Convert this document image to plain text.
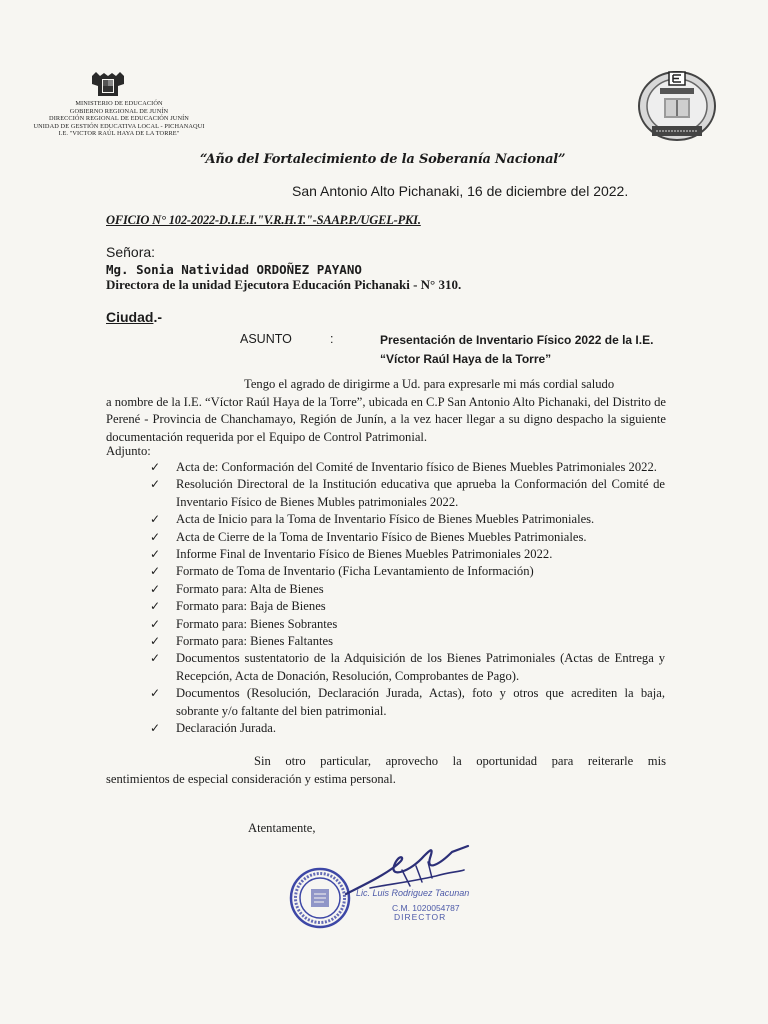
MINISTERIO DE EDUCACIÓN
GOBIERNO REGIONAL DE JUNÍN
DIRECCIÓN REGIONAL DE EDUCACIÓN JUNÍN
UNIDAD DE GESTIÓN EDUCATIVA LOCAL - PICHANAQUI
I.E. "VICTOR RAÚL HAYA DE LA TORRE"
“Año del Fortalecimiento de la Soberanía Nacional”
San Antonio Alto Pichanaki, 16 de diciembre del 2022.
OFICIO N° 102-2022-D.I.E.I."V.R.H.T."-SAAP.P./UGEL-PKI.
Señora:
Mg. Sonia Natividad ORDOÑEZ PAYANO
Directora de la unidad Ejecutora Educación Pichanaki - N° 310.
Ciudad.-
ASUNTO	:	Presentación de Inventario Físico 2022 de la I.E.
“Víctor Raúl Haya de la Torre”
Tengo el agrado de dirigirme a Ud. para expresarle mi más cordial saludo
a nombre de la I.E. “Víctor Raúl Haya de la Torre”, ubicada en C.P San Antonio Alto Pichanaki, del Distrito de Perené - Provincia de Chanchamayo, Región de Junín, a la vez hacer llegar a su digno despacho la siguiente documentación requerida por el Equipo de Control Patrimonial.
Adjunto:
✓ Acta de: Conformación del Comité de Inventario físico de Bienes Muebles Patrimoniales 2022.
✓ Resolución Directoral de la Institución educativa que aprueba la Conformación del Comité de Inventario Físico de Bienes Mubles patrimoniales 2022.
✓ Acta de Inicio para la Toma de Inventario Físico de Bienes Muebles Patrimoniales.
✓ Acta de Cierre de la Toma de Inventario Físico de Bienes Muebles Patrimoniales.
✓ Informe Final de Inventario Físico de Bienes Muebles Patrimoniales 2022.
✓ Formato de Toma de Inventario (Ficha Levantamiento de Información)
✓ Formato para: Alta de Bienes
✓ Formato para: Baja de Bienes
✓ Formato para: Bienes Sobrantes
✓ Formato para: Bienes Faltantes
✓ Documentos sustentatorio de la Adquisición de los Bienes Patrimoniales (Actas de Entrega y Recepción, Acta de Donación, Resolución, Comprobantes de Pago).
✓ Documentos (Resolución, Declaración Jurada, Actas), foto y otros que acrediten la baja, sobrante y/o faltante del bien patrimonial.
✓ Declaración Jurada.
Sin otro particular, aprovecho la oportunidad para reiterarle mis
sentimientos de especial consideración y estima personal.
Atentamente,
Lic. Luis Rodriguez Tacunan
C.M. 1020054787
DIRECTOR
